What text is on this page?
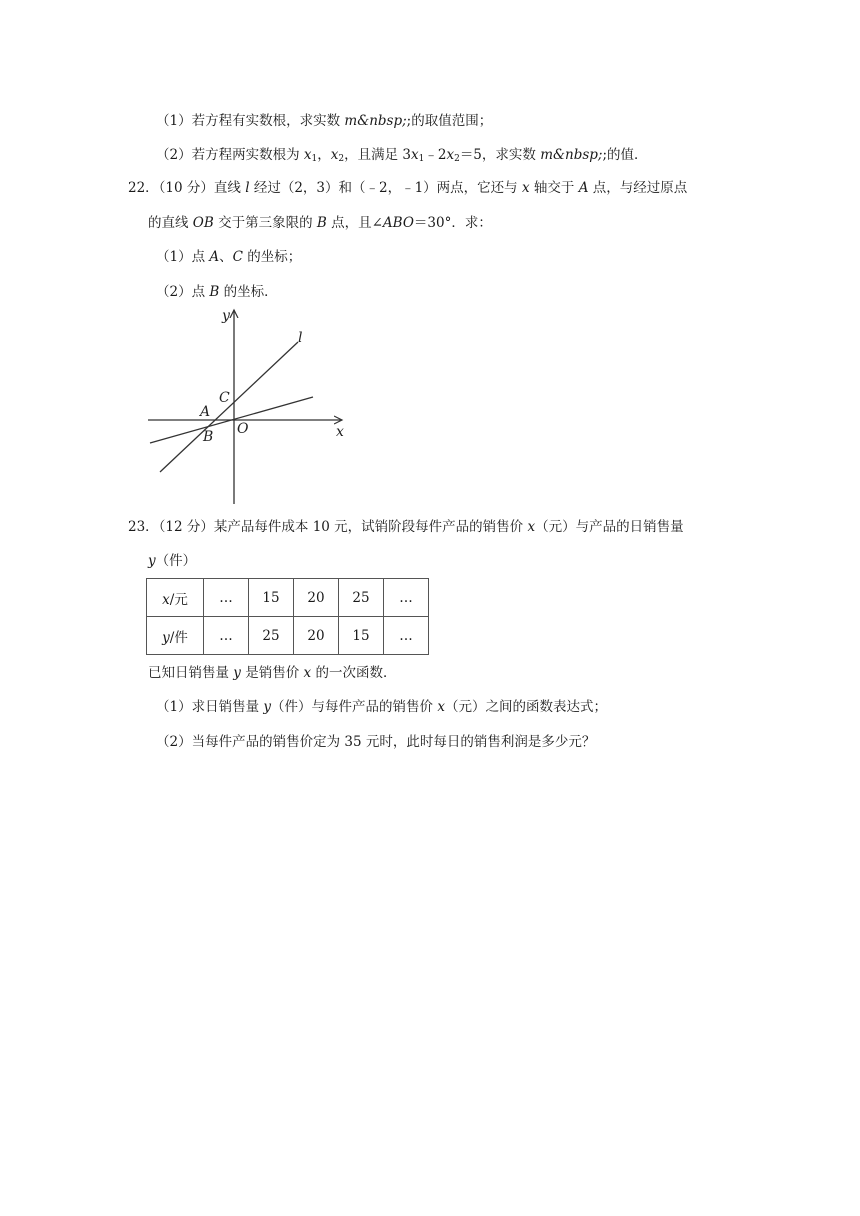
（1）若方程有实数根，求实数 m&nbsp;;的取值范围；
（2）若方程两实数根为 $x_1$，$x_2$，且满足 $3x_1﹣2x_2=5$，求实数 m&nbsp;;的值．
22．（10 分）直线 l 经过（2，3）和（﹣2，﹣1）两点，它还与 x 轴交于 A 点，与经过原点
的直线 OB 交于第三象限的 B 点，且∠ABO＝30°．求：
（1）点 A、C 的坐标；
（2）点 B 的坐标．
y
x
l
C
A
B O
23．（12 分）某产品每件成本 10 元，试销阶段每件产品的销售价 x（元）与产品的日销售量
y（件）
x/元	…	15	20	25	…
y/件	…	25	20	15	…
已知日销售量 y 是销售价 x 的一次函数．
（1）求日销售量 y（件）与每件产品的销售价 x（元）之间的函数表达式；
（2）当每件产品的销售价定为 35 元时，此时每日的销售利润是多少元？
